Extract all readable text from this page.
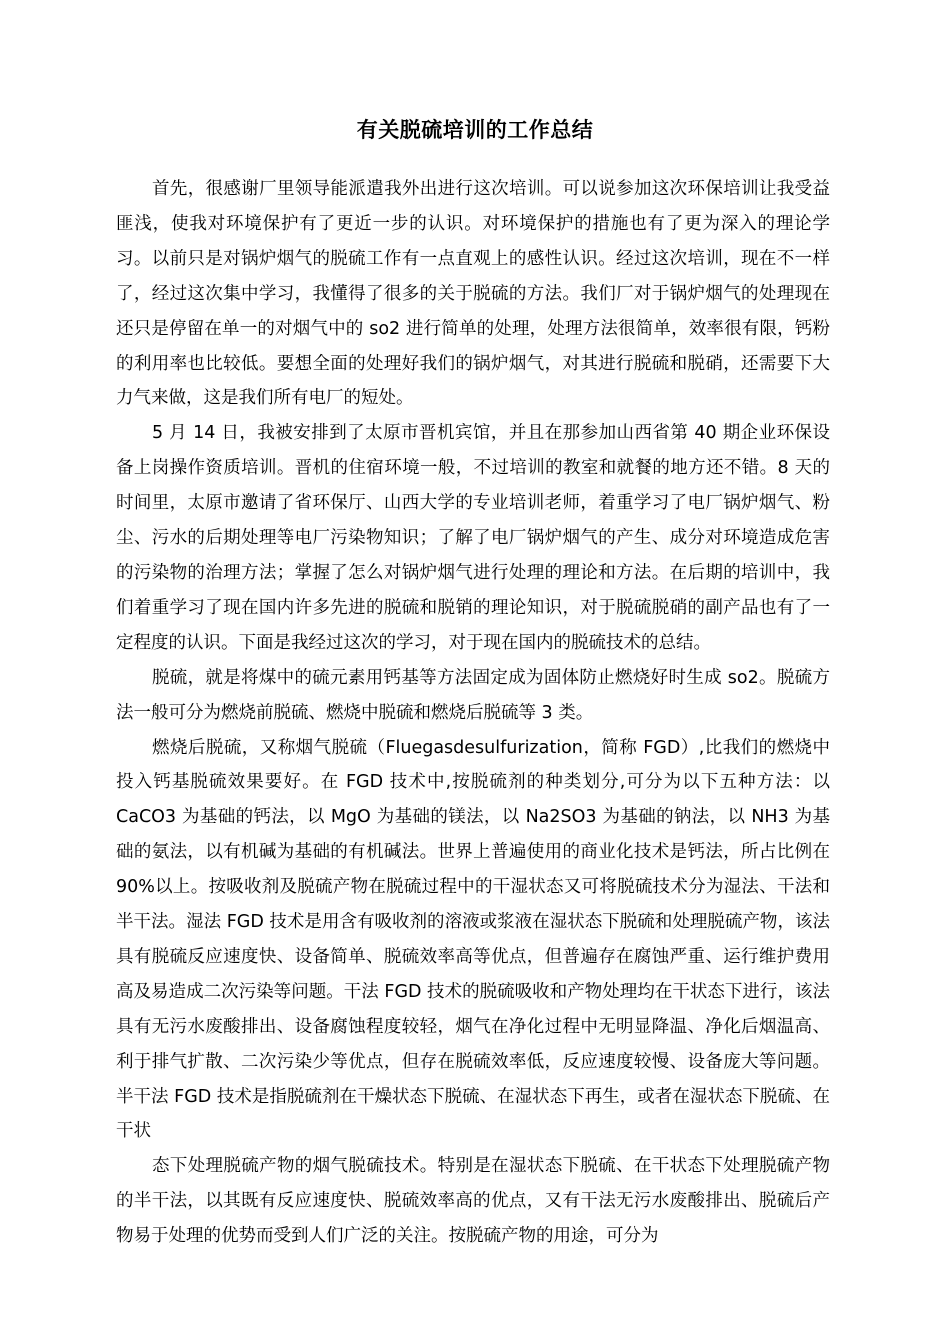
有关脱硫培训的工作总结

首先，很感谢厂里领导能派遣我外出进行这次培训。可以说参加这次环保培训让我受益匪浅，使我对环境保护有了更近一步的认识。对环境保护的措施也有了更为深入的理论学习。以前只是对锅炉烟气的脱硫工作有一点直观上的感性认识。经过这次培训，现在不一样了，经过这次集中学习，我懂得了很多的关于脱硫的方法。我们厂对于锅炉烟气的处理现在还只是停留在单一的对烟气中的 so2 进行简单的处理，处理方法很简单，效率很有限，钙粉的利用率也比较低。要想全面的处理好我们的锅炉烟气，对其进行脱硫和脱硝，还需要下大力气来做，这是我们所有电厂的短处。

5 月 14 日，我被安排到了太原市晋机宾馆，并且在那参加山西省第 40 期企业环保设备上岗操作资质培训。晋机的住宿环境一般，不过培训的教室和就餐的地方还不错。8 天的时间里，太原市邀请了省环保厅、山西大学的专业培训老师，着重学习了电厂锅炉烟气、粉尘、污水的后期处理等电厂污染物知识；了解了电厂锅炉烟气的产生、成分对环境造成危害的污染物的治理方法；掌握了怎么对锅炉烟气进行处理的理论和方法。在后期的培训中，我们着重学习了现在国内许多先进的脱硫和脱销的理论知识，对于脱硫脱硝的副产品也有了一定程度的认识。下面是我经过这次的学习，对于现在国内的脱硫技术的总结。

脱硫，就是将煤中的硫元素用钙基等方法固定成为固体防止燃烧好时生成 so2。脱硫方法一般可分为燃烧前脱硫、燃烧中脱硫和燃烧后脱硫等 3 类。

燃烧后脱硫，又称烟气脱硫（Fluegasdesulfurization，简称 FGD）,比我们的燃烧中投入钙基脱硫效果要好。在 FGD 技术中,按脱硫剂的种类划分,可分为以下五种方法：以 CaCO3 为基础的钙法，以 MgO 为基础的镁法，以 Na2SO3 为基础的钠法，以 NH3 为基础的氨法，以有机碱为基础的有机碱法。世界上普遍使用的商业化技术是钙法，所占比例在 90%以上。按吸收剂及脱硫产物在脱硫过程中的干湿状态又可将脱硫技术分为湿法、干法和半干法。湿法 FGD 技术是用含有吸收剂的溶液或浆液在湿状态下脱硫和处理脱硫产物，该法具有脱硫反应速度快、设备简单、脱硫效率高等优点，但普遍存在腐蚀严重、运行维护费用高及易造成二次污染等问题。干法 FGD 技术的脱硫吸收和产物处理均在干状态下进行，该法具有无污水废酸排出、设备腐蚀程度较轻，烟气在净化过程中无明显降温、净化后烟温高、利于排气扩散、二次污染少等优点，但存在脱硫效率低，反应速度较慢、设备庞大等问题。半干法 FGD 技术是指脱硫剂在干燥状态下脱硫、在湿状态下再生，或者在湿状态下脱硫、在干状

态下处理脱硫产物的烟气脱硫技术。特别是在湿状态下脱硫、在干状态下处理脱硫产物的半干法，以其既有反应速度快、脱硫效率高的优点，又有干法无污水废酸排出、脱硫后产物易于处理的优势而受到人们广泛的关注。按脱硫产物的用途，可分为
